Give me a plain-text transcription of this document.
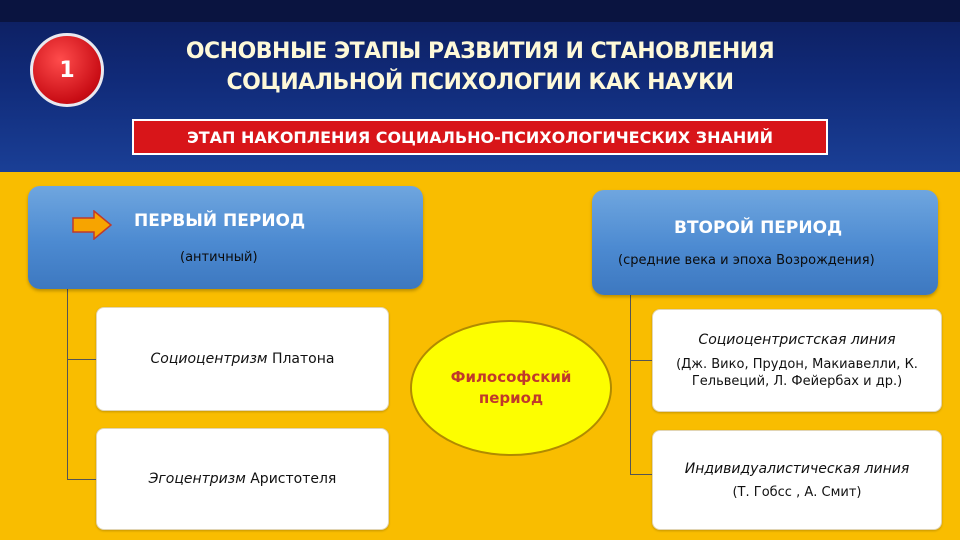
1
ОСНОВНЫЕ ЭТАПЫ РАЗВИТИЯ И СТАНОВЛЕНИЯ
СОЦИАЛЬНОЙ ПСИХОЛОГИИ КАК НАУКИ
ЭТАП НАКОПЛЕНИЯ СОЦИАЛЬНО-ПСИХОЛОГИЧЕСКИХ ЗНАНИЙ
ПЕРВЫЙ ПЕРИОД
(античный)
ВТОРОЙ ПЕРИОД
(средние века и эпоха Возрождения)
Социоцентризм Платона
Эгоцентризм Аристотеля
Философский
период
Социоцентристская линия
(Дж. Вико, Прудон, Макиавелли, К. Гельвеций, Л. Фейербах и др.)
Индивидуалистическая линия
(Т. Гобсс , А. Смит)
